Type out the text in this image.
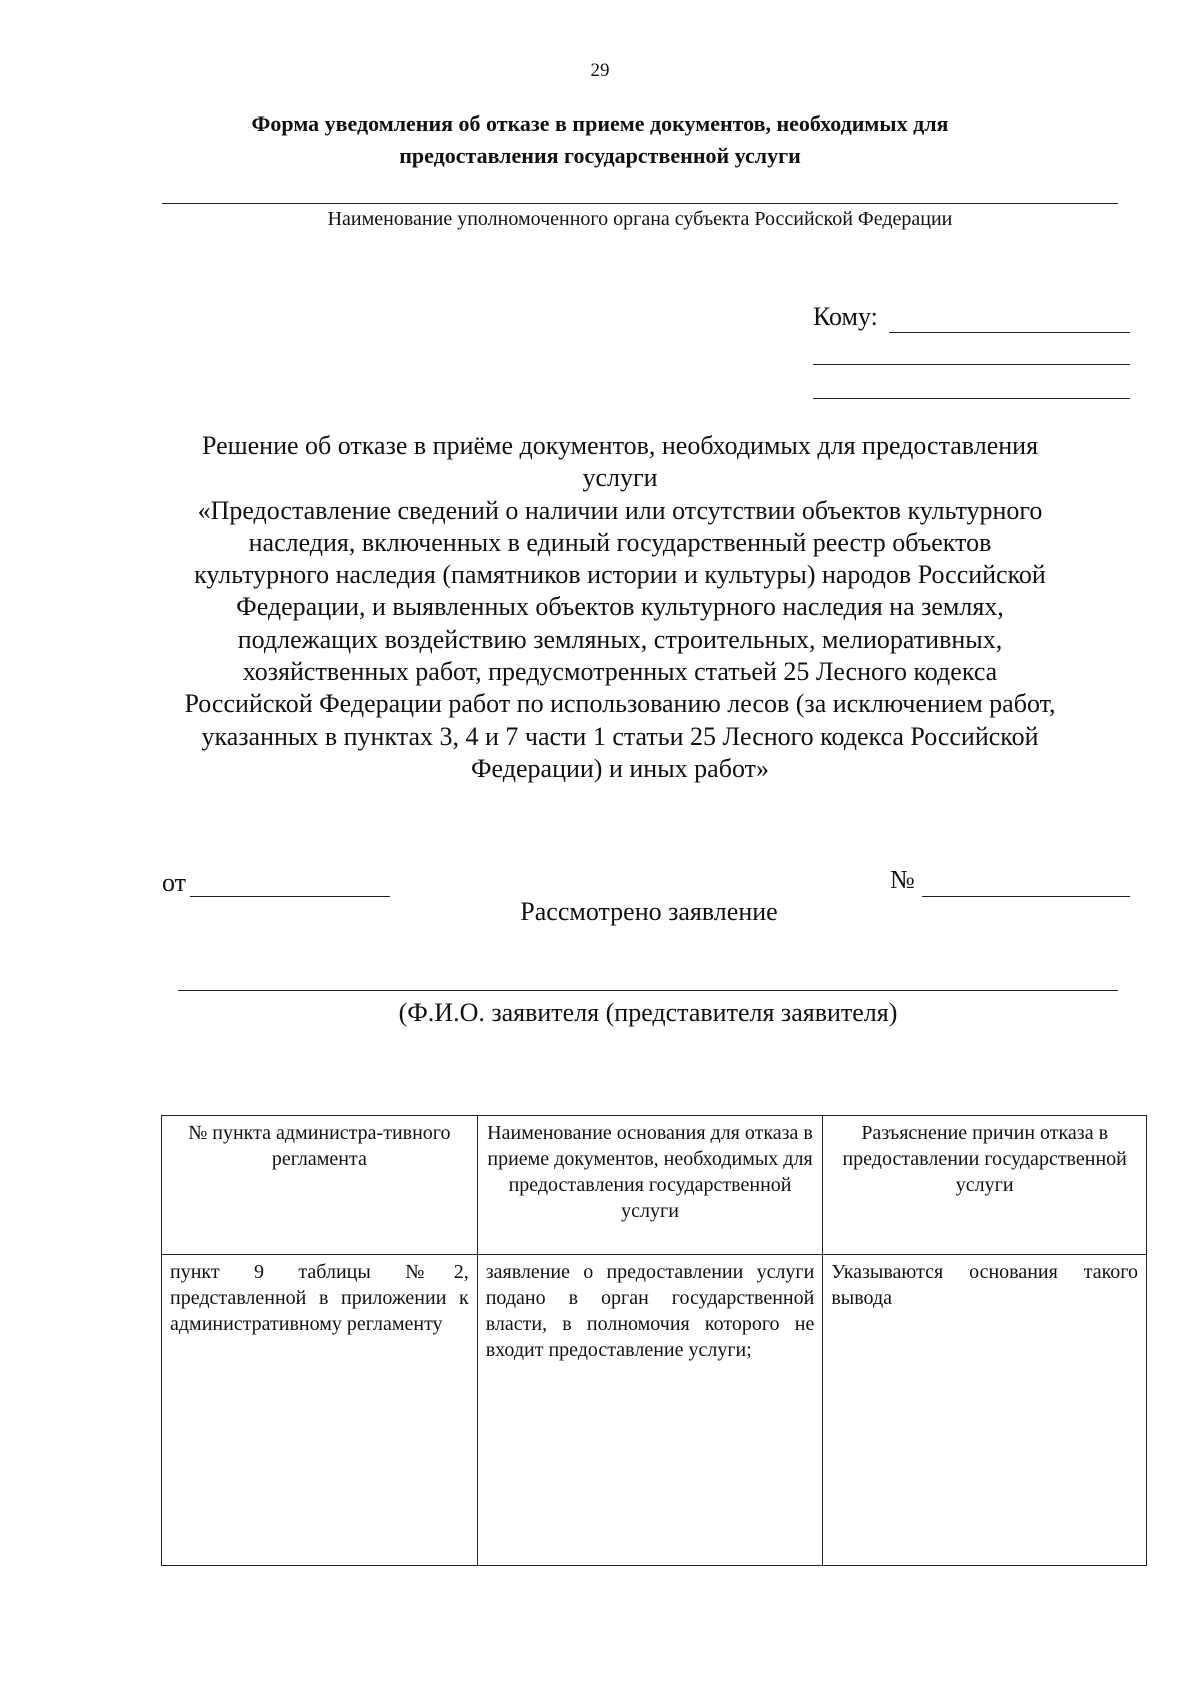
29
Форма уведомления об отказе в приеме документов, необходимых для
предоставления государственной услуги
Наименование уполномоченного органа субъекта Российской Федерации
Кому:

Решение об отказе в приёме документов, необходимых для предоставления

услуги

«Предоставление сведений о наличии или отсутствии объектов культурного

наследия, включенных в единый государственный реестр объектов

культурного наследия (памятников истории и культуры) народов Российской

Федерации, и выявленных объектов культурного наследия на землях,

подлежащих воздействию земляных, строительных, мелиоративных,

хозяйственных работ, предусмотренных статьей 25 Лесного кодекса

Российской Федерации работ по использованию лесов (за исключением работ,

указанных в пунктах 3, 4 и 7 части 1 статьи 25 Лесного кодекса Российской

Федерации) и иных работ»

от	№
Рассмотрено заявление
(Ф.И.О. заявителя (представителя заявителя)
№ пункта администра-тивного регламента	Наименование основания для отказа в приеме документов, необходимых для предоставления государственной услуги	Разъяснение причин отказа в предоставлении государственной услуги
пункт 9 таблицы №2, представленной в приложении к административному регламенту	заявление о предоставлении услуги подано в орган государственной власти, в полномочия которого не входит предоставление услуги;	Указываются основания такого вывода
